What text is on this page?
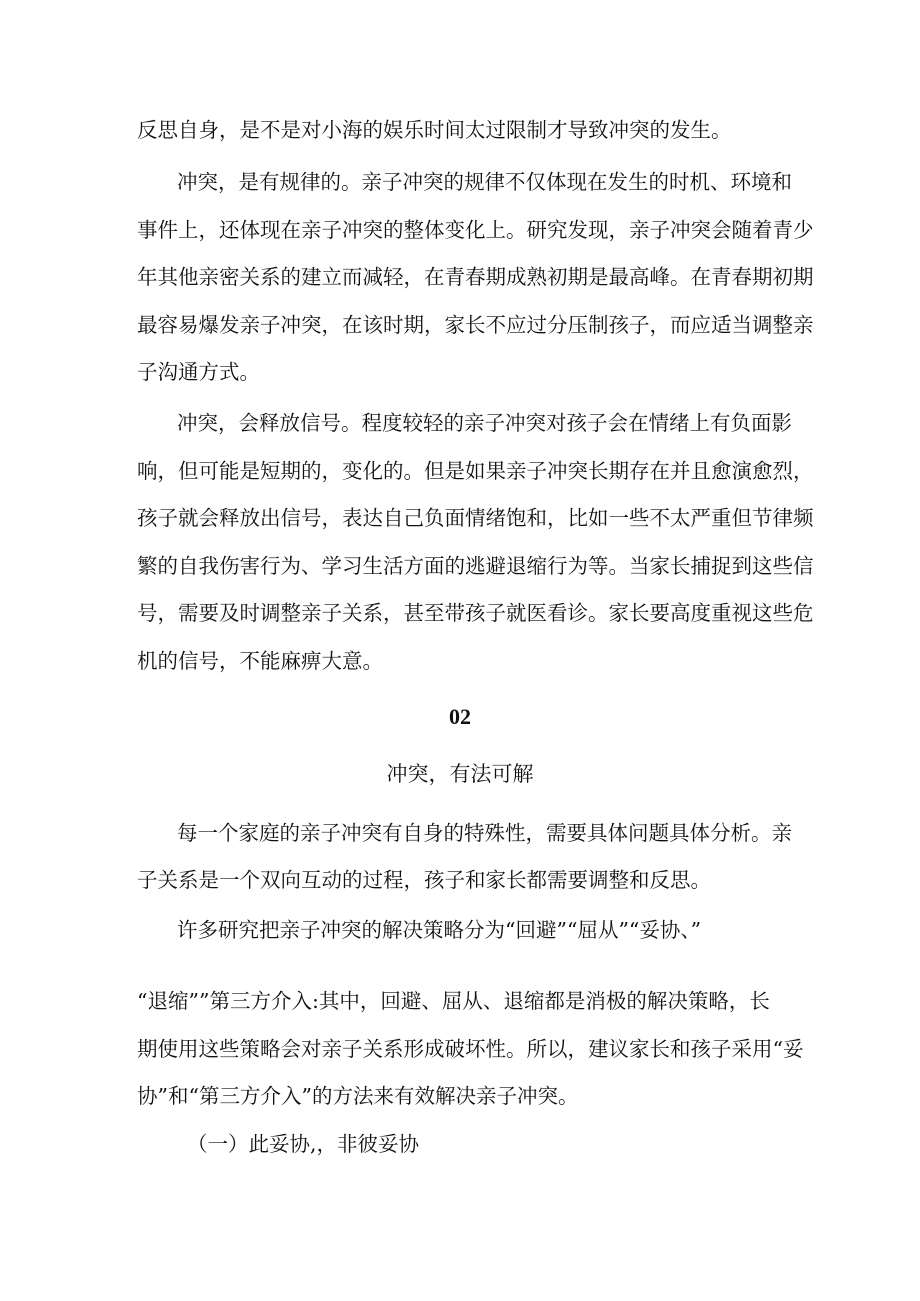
反思自身，是不是对小海的娱乐时间太过限制才导致冲突的发生。
冲突，是有规律的。亲子冲突的规律不仅体现在发生的时机、环境和
事件上，还体现在亲子冲突的整体变化上。研究发现，亲子冲突会随着青少
年其他亲密关系的建立而减轻，在青春期成熟初期是最高峰。在青春期初期
最容易爆发亲子冲突，在该时期，家长不应过分压制孩子，而应适当调整亲
子沟通方式。
冲突，会释放信号。程度较轻的亲子冲突对孩子会在情绪上有负面影
响，但可能是短期的，变化的。但是如果亲子冲突长期存在并且愈演愈烈，
孩子就会释放出信号，表达自己负面情绪饱和，比如一些不太严重但节律频
繁的自我伤害行为、学习生活方面的逃避退缩行为等。当家长捕捉到这些信
号，需要及时调整亲子关系，甚至带孩子就医看诊。家长要高度重视这些危
机的信号，不能麻痹大意。
02
冲突，有法可解
每一个家庭的亲子冲突有自身的特殊性，需要具体问题具体分析。亲
子关系是一个双向互动的过程，孩子和家长都需要调整和反思。
许多研究把亲子冲突的解决策略分为“回避”“屈从”“妥协、”
“退缩””第三方介入:其中，回避、屈从、退缩都是消极的解决策略，长
期使用这些策略会对亲子关系形成破坏性。所以，建议家长和孩子采用“妥
协”和“第三方介入”的方法来有效解决亲子冲突。
（一）此妥协,，非彼妥协
